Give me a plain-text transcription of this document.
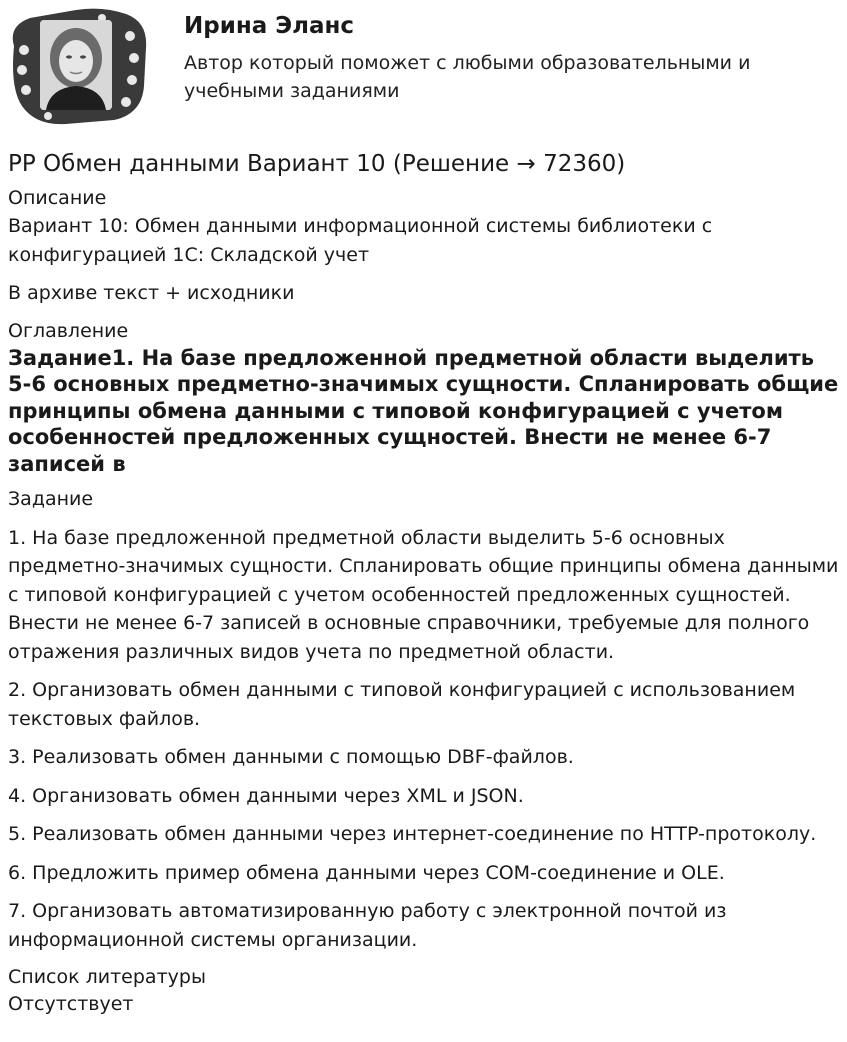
Ирина Эланс

Автор который поможет с любыми образовательными и учебными заданиями

РР Обмен данными Вариант 10 (Решение → 72360)

Описание

Вариант 10: Обмен данными информационной системы библиотеки с конфигурацией 1С: Складской учет

В архиве текст + исходники

Оглавление

Задание1. На базе предложенной предметной области выделить 5-6 основных предметно-значимых сущности. Спланировать общие принципы обмена данными с типовой конфигурацией с учетом особенностей предложенных сущностей. Внести не менее 6-7 записей в

Задание

1. На базе предложенной предметной области выделить 5-6 основных предметно-значимых сущности. Спланировать общие принципы обмена данными с типовой конфигурацией с учетом особенностей предложенных сущностей. Внести не менее 6-7 записей в основные справочники, требуемые для полного отражения различных видов учета по предметной области.

2. Организовать обмен данными с типовой конфигурацией с использованием текстовых файлов.

3. Реализовать обмен данными с помощью DBF-файлов.

4. Организовать обмен данными через XML и JSON.

5. Реализовать обмен данными через интернет-соединение по HTTP-протоколу.

6. Предложить пример обмена данными через COM-соединение и OLE.

7. Организовать автоматизированную работу с электронной почтой из информационной системы организации.

Список литературы

Отсутствует
